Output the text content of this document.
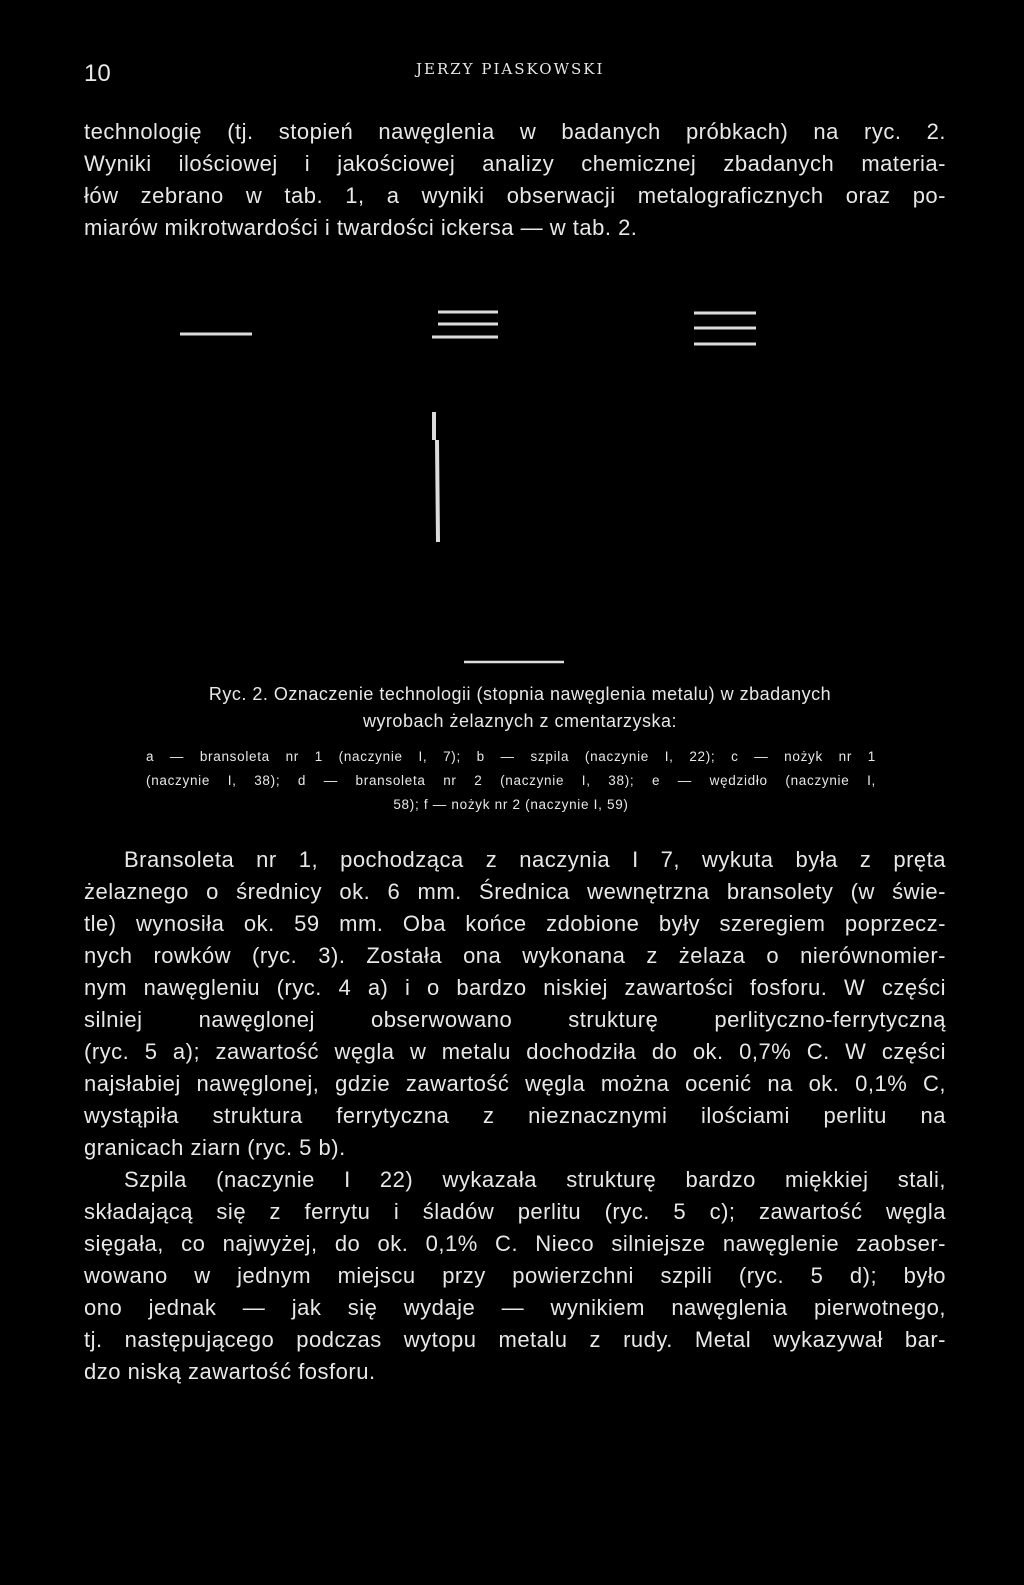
10	JERZY PIASKOWSKI
technologię (tj. stopień nawęglenia w badanych próbkach) na ryc. 2.
Wyniki ilościowej i jakościowej analizy chemicznej zbadanych materia-
łów zebrano w tab. 1, a wyniki obserwacji metalograficznych oraz po-
miarów mikrotwardości i twardości ickersa — w tab. 2.
Ryc. 2. Oznaczenie technologii (stopnia nawęglenia metalu) w zbadanych
wyrobach żelaznych z cmentarzyska:
a — bransoleta nr 1 (naczynie I, 7); b — szpila (naczynie I, 22); c — nożyk nr 1
(naczynie I, 38); d — bransoleta nr 2 (naczynie I, 38); e — wędzidło (naczynie I,
58); f — nożyk nr 2 (naczynie I, 59)
Bransoleta nr 1, pochodząca z naczynia I 7, wykuta była z pręta
żelaznego o średnicy ok. 6 mm. Średnica wewnętrzna bransolety (w świe-
tle) wynosiła ok. 59 mm. Oba końce zdobione były szeregiem poprzecz-
nych rowków (ryc. 3). Została ona wykonana z żelaza o nierównomier-
nym nawęgleniu (ryc. 4 a) i o bardzo niskiej zawartości fosforu. W części
silniej nawęglonej obserwowano strukturę perlityczno-ferrytyczną
(ryc. 5 a); zawartość węgla w metalu dochodziła do ok. 0,7% C. W części
najsłabiej nawęglonej, gdzie zawartość węgla można ocenić na ok. 0,1% C,
wystąpiła struktura ferrytyczna z nieznacznymi ilościami perlitu na
granicach ziarn (ryc. 5 b).
Szpila (naczynie I 22) wykazała strukturę bardzo miękkiej stali,
składającą się z ferrytu i śladów perlitu (ryc. 5 c); zawartość węgla
sięgała, co najwyżej, do ok. 0,1% C. Nieco silniejsze nawęglenie zaobser-
wowano w jednym miejscu przy powierzchni szpili (ryc. 5 d); było
ono jednak — jak się wydaje — wynikiem nawęglenia pierwotnego,
tj. następującego podczas wytopu metalu z rudy. Metal wykazywał bar-
dzo niską zawartość fosforu.
